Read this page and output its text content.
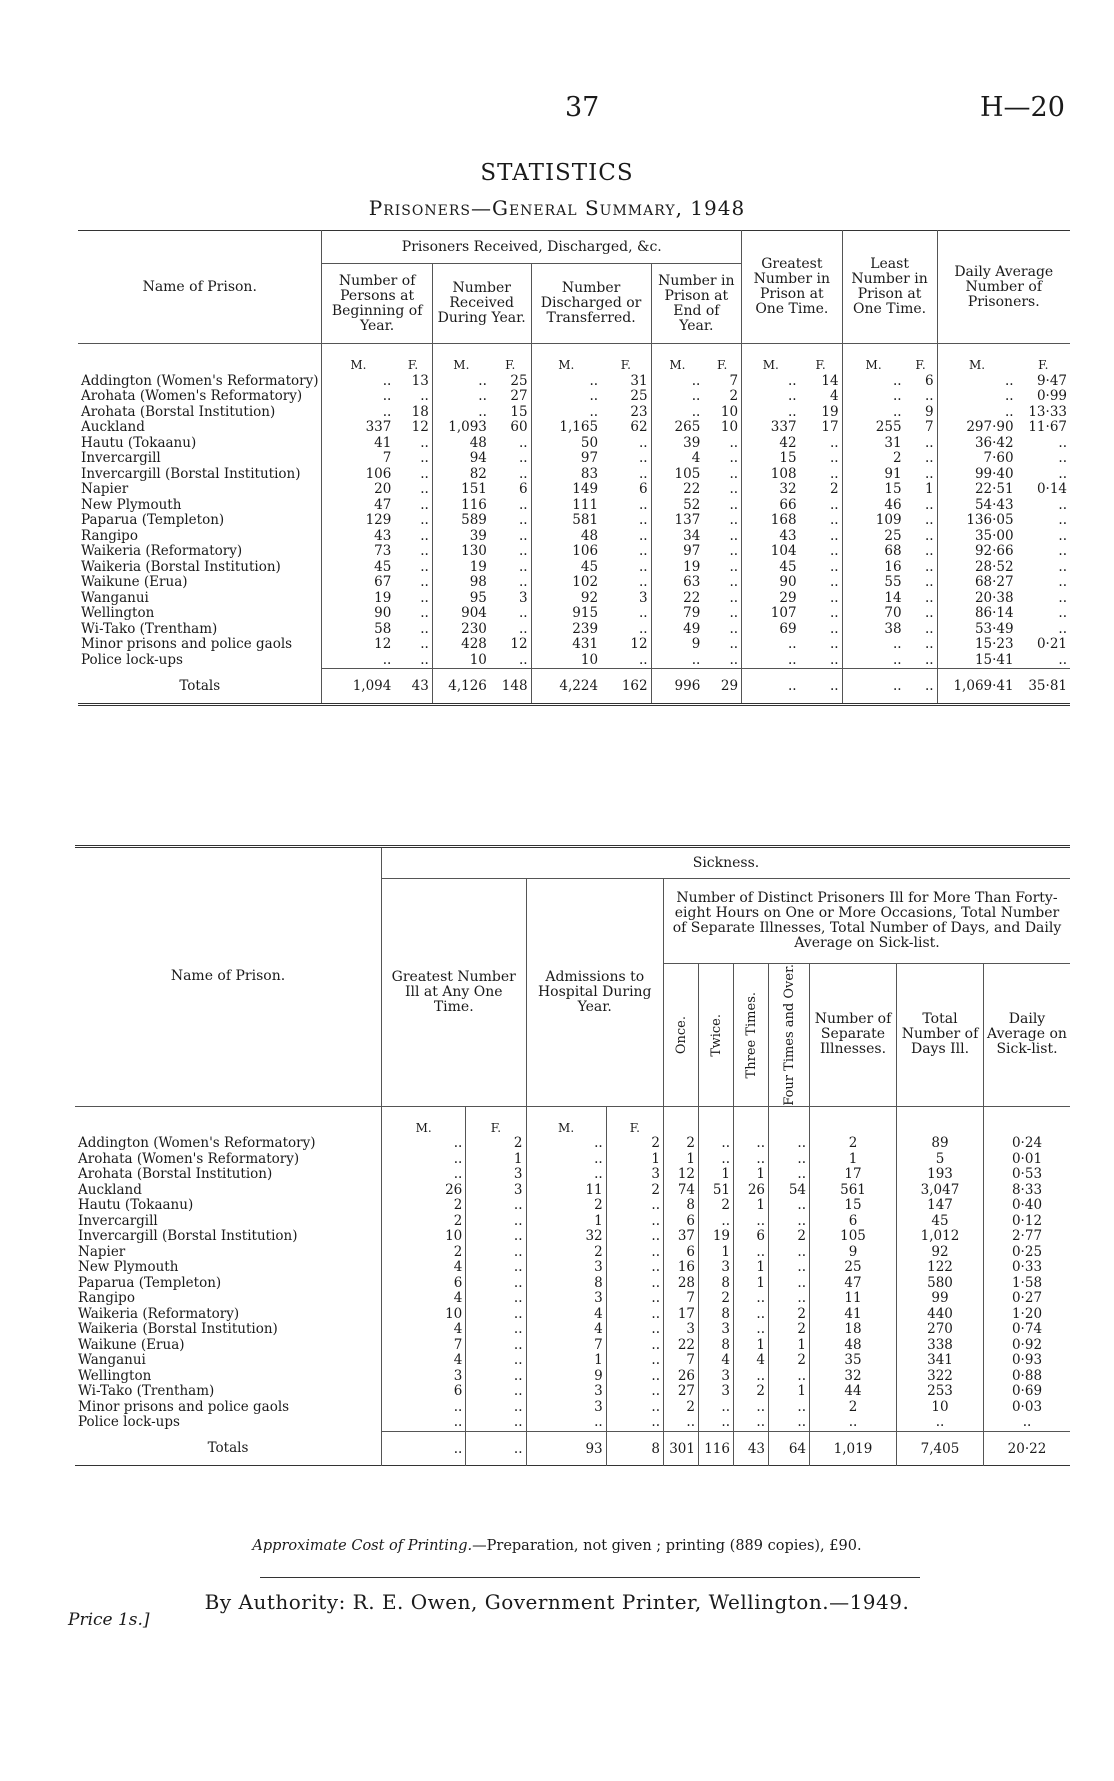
37	H—20
STATISTICS
Prisoners—General Summary, 1948
Name of Prison.	Prisoners Received, Discharged, &c.								Greatest Number in Prison at One Time.		Least Number in Prison at One Time.		Daily Average Number of Prisoners.	
	Number of Persons at Beginning of Year.		Number Received During Year.		Number Discharged or Transferred.		Number in Prison at End of Year.							
	M.	F.	M.	F.	M.	F.	M.	F.	M.	F.	M.	F.	M.	F.
Addington (Women's Reformatory)	..	13	..	25	..	31	..	7	..	14	..	6	..	9·47
Arohata (Women's Reformatory)	..	..	..	27	..	25	..	2	..	4	..	..	..	0·99
Arohata (Borstal Institution)	..	18	..	15	..	23	..	10	..	19	..	9	..	13·33
Auckland	337	12	1,093	60	1,165	62	265	10	337	17	255	7	297·90	11·67
Hautu (Tokaanu)	41	..	48	..	50	..	39	..	42	..	31	..	36·42	..
Invercargill	7	..	94	..	97	..	4	..	15	..	2	..	7·60	..
Invercargill (Borstal Institution)	106	..	82	..	83	..	105	..	108	..	91	..	99·40	..
Napier	20	..	151	6	149	6	22	..	32	2	15	1	22·51	0·14
New Plymouth	47	..	116	..	111	..	52	..	66	..	46	..	54·43	..
Paparua (Templeton)	129	..	589	..	581	..	137	..	168	..	109	..	136·05	..
Rangipo	43	..	39	..	48	..	34	..	43	..	25	..	35·00	..
Waikeria (Reformatory)	73	..	130	..	106	..	97	..	104	..	68	..	92·66	..
Waikeria (Borstal Institution)	45	..	19	..	45	..	19	..	45	..	16	..	28·52	..
Waikune (Erua)	67	..	98	..	102	..	63	..	90	..	55	..	68·27	..
Wanganui	19	..	95	3	92	3	22	..	29	..	14	..	20·38	..
Wellington	90	..	904	..	915	..	79	..	107	..	70	..	86·14	..
Wi-Tako (Trentham)	58	..	230	..	239	..	49	..	69	..	38	..	53·49	..
Minor prisons and police gaols	12	..	428	12	431	12	9	..	..	..	..	..	15·23	0·21
Police lock-ups	..	..	10	..	10	..	..	..	..	..	..	..	15·41	..
Totals	1,094	43	4,126	148	4,224	162	996	29	..	..	..	..	1,069·41	35·81
Name of Prison.	Sickness.										
	Greatest Number Ill at Any One Time.		Admissions to Hospital During Year.		Number of Distinct Prisoners Ill for More Than Forty-eight Hours on One or More Occasions, Total Number of Separate Illnesses, Total Number of Days, and Daily Average on Sick-list.						

					Once.	Twice.	Three Times.	Four Times and Over.	Number of Separate Illnesses.	Total Number of Days Ill.	Daily Average on Sick-list.
	M.	F.	M.	F.							
Addington (Women's Reformatory)	..	2	..	2	2	..	..	..	2	89	0·24
Arohata (Women's Reformatory)	..	1	..	1	1	..	..	..	1	5	0·01
Arohata (Borstal Institution)	..	3	..	3	12	1	1	..	17	193	0·53
Auckland	26	3	11	2	74	51	26	54	561	3,047	8·33
Hautu (Tokaanu)	2	..	2	..	8	2	1	..	15	147	0·40
Invercargill	2	..	1	..	6	..	..	..	6	45	0·12
Invercargill (Borstal Institution)	10	..	32	..	37	19	6	2	105	1,012	2·77
Napier	2	..	2	..	6	1	..	..	9	92	0·25
New Plymouth	4	..	3	..	16	3	1	..	25	122	0·33
Paparua (Templeton)	6	..	8	..	28	8	1	..	47	580	1·58
Rangipo	4	..	3	..	7	2	..	..	11	99	0·27
Waikeria (Reformatory)	10	..	4	..	17	8	..	2	41	440	1·20
Waikeria (Borstal Institution)	4	..	4	..	3	3	..	2	18	270	0·74
Waikune (Erua)	7	..	7	..	22	8	1	1	48	338	0·92
Wanganui	4	..	1	..	7	4	4	2	35	341	0·93
Wellington	3	..	9	..	26	3	..	..	32	322	0·88
Wi-Tako (Trentham)	6	..	3	..	27	3	2	1	44	253	0·69
Minor prisons and police gaols	..	..	3	..	2	..	..	..	2	10	0·03
Police lock-ups	..	..	..	..	..	..	..	..	..	..	..
Totals	..	..	93	8	301	116	43	64	1,019	7,405	20·22
Approximate Cost of Printing.—Preparation, not given ; printing (889 copies), £90.
By Authority: R. E. Owen, Government Printer, Wellington.—1949.
Price 1s.]
